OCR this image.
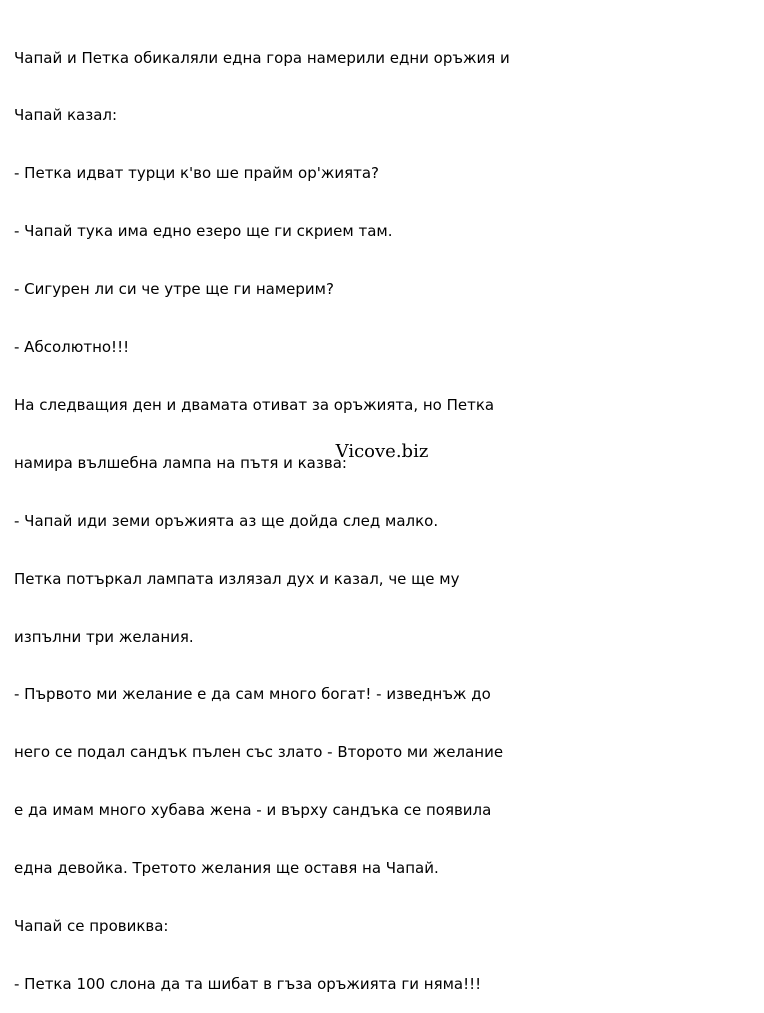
Чапай и Петка обикаляли една гора намерили едни оръжия и

Чапай казал:

- Петка идват турци к'во ше прайм ор'жията?

- Чапай тука има едно езеро ще ги скрием там.

- Сигурен ли си че утре ще ги намерим?

- Абсолютно!!!

На следващия ден и двамата отиват за оръжията, но Петка

намира вълшебна лампа на пътя и казва:

- Чапай иди земи оръжията аз ще дойда след малко.

Петка потъркал лампата излязал дух и казал, че ще му

изпълни три желания.

- Първото ми желание е да сам много богат! - изведнъж до

него се подал сандък пълен със злато - Второто ми желание

е да имам много хубава жена - и върху сандъка се появила

една девойка. Третото желания ще оставя на Чапай.

Чапай се провиква:

- Петка 100 слона да та шибат в гъза оръжията ги няма!!!

Vicove.biz
